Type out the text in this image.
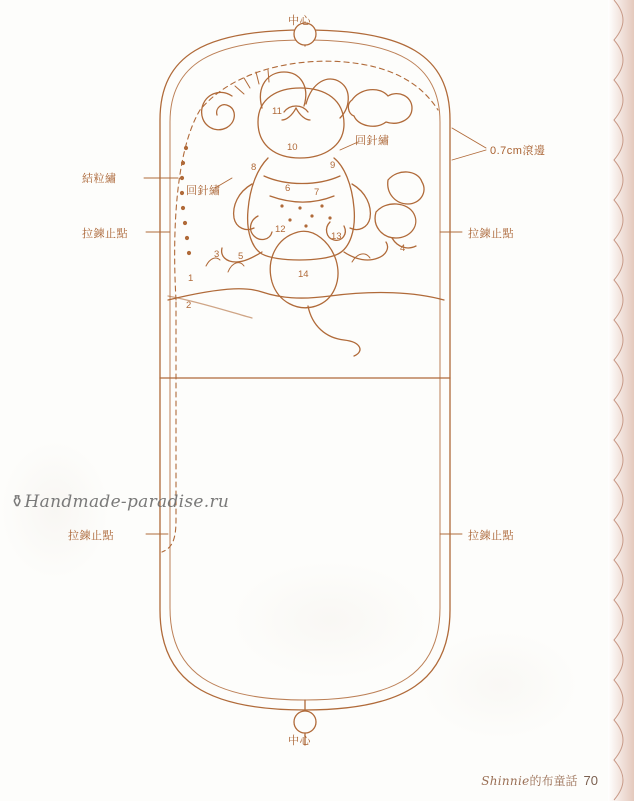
結粒繡
回針繡
回針繡
0.7cm滾邊
拉鍊止點	拉鍊止點
拉鍊止點	拉鍊止點
中心
中心
1
2
3
4
5
6 7
8	9
10
11
12
13
14
⚱Handmade-paradise.ru
Shinnie的布童話 70
